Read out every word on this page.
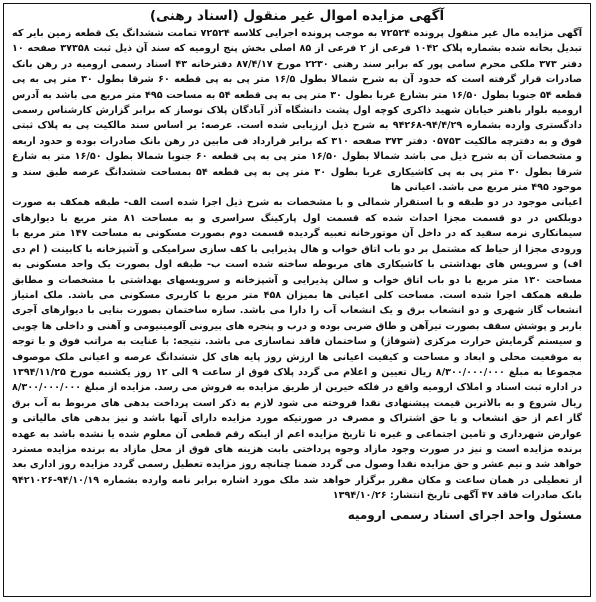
آگهی مزایده اموال غیر منقول (اسناد رهنی)

آگهی مزایده مال غیر منقول پرونده ۷۲۵۲۴ به موجب پرونده اجرایی کلاسه ۷۲۵۲۴ تمامت ششدانگ یک قطعه زمین بایر که تبدیل بخانه شده بشماره پلاک ۱۰۴۲ فرعی از ۲ فرعی از ۸۵ اصلی بخش پنج ارومیه که سند آن ذیل ثبت ۳۷۳۵۸ صفحه ۱۰ دفتر ۳۷۳ ملکی محرم سامی پور که برابر سند رهنی ۲۲۳۰ مورخ ۸۷/۴/۱۷ دفترخانه ۴۳ اسناد رسمی ارومیه در رهن بانک صادرات قرار گرفته است که حدود آن به شرح شمالا بطول ۱۶/۵ متر پی به پی قطعه ۶۰ شرقا بطول ۳۰ متر پی به پی قطعه ۵۴ جنوبا بطول ۱۶/۵۰ متر بشارع غربا بطول ۳۰ متر پی به پی قطعه ۵۴ به مساحت ۴۹۵ متر مربع می باشد به آدرس ارومیه بلوار باهنر خیابان شهید ذاکری کوچه اول پشت دانشگاه آذر آبادگان پلاک نوساز که برابر گزارش کارشناس رسمی دادگستری وارده بشماره ۹۴/۴/۲۹-۹۴۲۶۸ به شرح ذیل ارزیابی شده است. عرصه: بر اساس سند مالکیت پی به پلاک ثبتی فوق و به دفترچه مالکیت ۰۵۷۵۳ دفتر ۳۷۳ صفحه ۳۱۰ که برابر قرارداد فی مابین در رهن بانک صادرات بوده و حدود اربعه و مشخصات آن به شرح ذیل می باشد شمالا بطول ۱۶/۵۰ متر پی به پی قطعه ۶۰ جنوبا شمالا بطول ۱۶/۵۰ متر به شارع شرقا بطول ۳۰ متر پی به پی کاشیکاری غربا بطول ۳۰ متر پی به پی قطعه ۵۴ بمساحت ششدانگ عرصه طبق سند و موجود ۴۹۵ متر مربع می باشد. اعیانی ها

اعیانی موجود در دو طبقه و با استقرار شمالی و با مشخصات به شرح ذیل اجرا شده است الف- طبقه همکف به صورت دوبلکس در دو قسمت مجزا احداث شده که قسمت اول پارکینگ سراسری و به مساحت ۸۱ متر مربع با دیوارهای سیمانکاری نرمه سفید که در داخل آن موتورخانه تعبیه گردیده قسمت دوم بصورت مسکونی به مساحت ۱۴۷ متر مربع با ورودی مجزا از حیاط که مشتمل بر دو باب اتاق خواب و هال پذیرایی با کف سازی سرامیکی و آشپزخانه با کابینت ( ام دی اف) و سرویس های بهداشتی با کاشیکاری های مربوطه ساخته شده است ب- طبقه اول بصورت یک واحد مسکونی به مساحت ۱۳۰ متر مربع با دو باب اتاق خواب و سالن پذیرایی و آشپزخانه و سرویسهای بهداشتی با مشخصات و مطابق طبقه همکف اجرا شده است. مساحت کلی اعیانی ها بمیزان ۴۵۸ متر مربع با کاربری مسکونی می باشد. ملک امتیاز انشعاب گاز شهری و دو انشعاب برق و یک انشعاب آب را دارا می باشد. سازه ساختمان بصورت بنایی با دیوارهای آجری باربر و پوشش سقف بصورت تیرآهن و طاق ضربی بوده و درب و پنجره های بیرونی آلومینیومی و آهنی و داخلی ها چوبی و سیستم گرمایش حرارت مرکزی (شوفاژ) و ساختمان فاقد نماسازی می باشد. نتیجه: با عنایت به مراتب فوق و با توجه به موقعیت محلی و ابعاد و مساحت و کیفیت اعیانی ها ارزش روز پایه های کل ششدانگ عرصه و اعیانی ملک موصوف مجموعا به مبلغ ۸/۳۰۰/۰۰۰/۰۰۰ ریال تعیین و اعلام می گردد پلاک فوق از ساعت ۹ الی ۱۲ روز یکشنبه مورخ ۱۳۹۴/۱۱/۲۵ در اداره ثبت اسناد و املاک ارومیه واقع در فلکه خیرین از طریق مزایده به فروش می رسد. مزایده از مبلغ ۸/۳۰۰/۰۰۰/۰۰۰ ریال شروع و به بالاترین قیمت پیشنهادی نقدا فروخته می شود لازم به ذکر است پرداخت بدهی های مربوط به آب برق گاز اعم از حق انشعاب و یا حق اشتراک و مصرف در صورتیکه مورد مزایده دارای آنها باشد و نیز بدهی های مالیاتی و عوارض شهرداری و تامین اجتماعی و غیره تا تاریخ مزایده اعم از اینکه رقم قطعی آن معلوم شده یا نشده باشد به عهده برنده مزایده است و نیز در صورت وجود مازاد وجوه پرداختی بابت هزینه های فوق از محل مازاد به برنده مزایده مسترد خواهد شد و نیم عشر و حق مزایده نقدا وصول می گردد ضمنا چنانچه روز مزایده تعطیل رسمی گردد مزایده روز اداری بعد از تعطیلی در همان ساعت و مکان مقرر برگزار خواهد شد ملک مورد اشاره برابر نامه وارده بشماره ۹۴/۱۰/۱۹-۹۴۲۱۰۲۶ بانک صادرات فاقد ۴۷ آگهی تاریخ انتشار: ۱۳۹۴/۱۰/۲۶

مسئول واحد اجرای اسناد رسمی ارومیه
